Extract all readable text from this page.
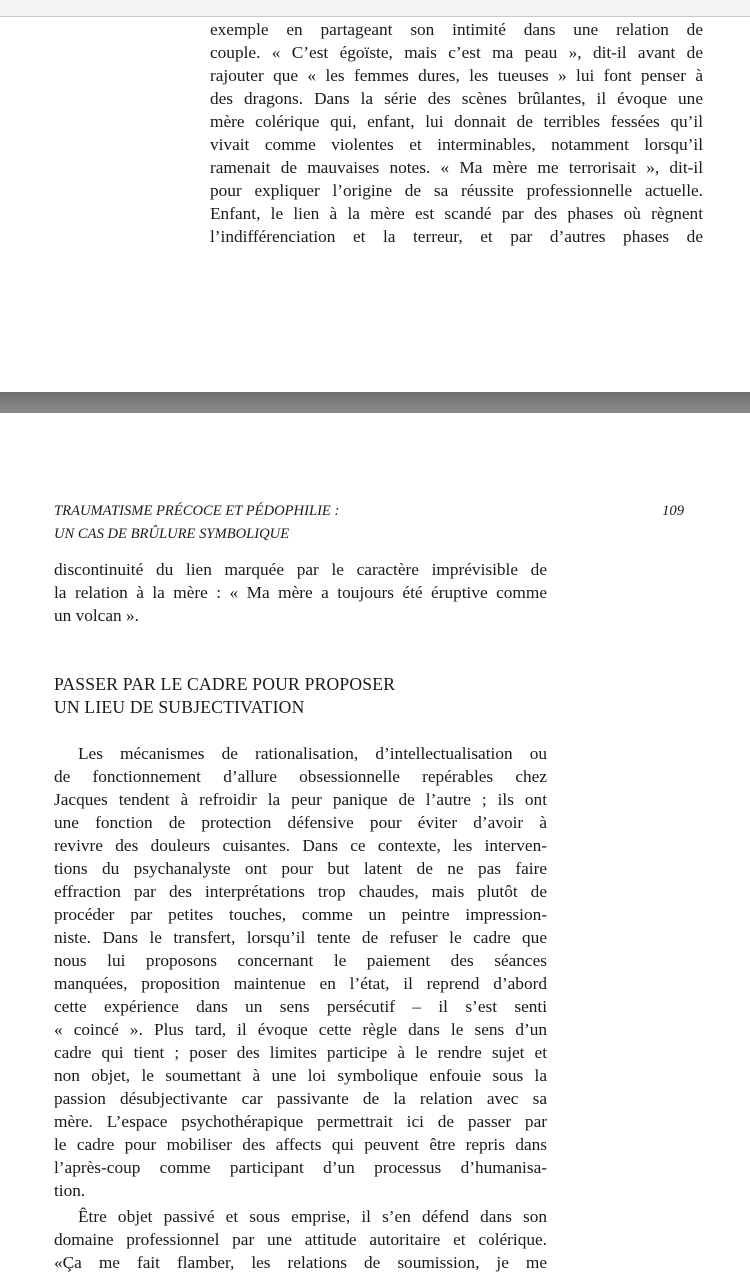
exemple en partageant son intimité dans une relation de
couple. « C’est égoïste, mais c’est ma peau », dit-il avant de
rajouter que « les femmes dures, les tueuses » lui font penser à
des dragons. Dans la série des scènes brûlantes, il évoque une
mère colérique qui, enfant, lui donnait de terribles fessées qu’il
vivait comme violentes et interminables, notamment lorsqu’il
ramenait de mauvaises notes. « Ma mère me terrorisait », dit-il
pour expliquer l’origine de sa réussite professionnelle actuelle.
Enfant, le lien à la mère est scandé par des phases où règnent
l’indifférenciation et la terreur, et par d’autres phases de
TRAUMATISME PRÉCOCE ET PÉDOPHILIE :
UN CAS DE BRÛLURE SYMBOLIQUE
109
discontinuité du lien marquée par le caractère imprévisible de
la relation à la mère : « Ma mère a toujours été éruptive comme
un volcan ».
PASSER PAR LE CADRE POUR PROPOSER
UN LIEU DE SUBJECTIVATION
Les mécanismes de rationalisation, d’intellectualisation ou
de fonctionnement d’allure obsessionnelle repérables chez
Jacques tendent à refroidir la peur panique de l’autre ; ils ont
une fonction de protection défensive pour éviter d’avoir à
revivre des douleurs cuisantes. Dans ce contexte, les interven-
tions du psychanalyste ont pour but latent de ne pas faire
effraction par des interprétations trop chaudes, mais plutôt de
procéder par petites touches, comme un peintre impression-
niste. Dans le transfert, lorsqu’il tente de refuser le cadre que
nous lui proposons concernant le paiement des séances
manquées, proposition maintenue en l’état, il reprend d’abord
cette expérience dans un sens persécutif – il s’est senti
« coincé ». Plus tard, il évoque cette règle dans le sens d’un
cadre qui tient ; poser des limites participe à le rendre sujet et
non objet, le soumettant à une loi symbolique enfouie sous la
passion désubjectivante car passivante de la relation avec sa
mère. L’espace psychothérapique permettrait ici de passer par
le cadre pour mobiliser des affects qui peuvent être repris dans
l’après-coup comme participant d’un processus d’humanisa-
tion.
Être objet passivé et sous emprise, il s’en défend dans son
domaine professionnel par une attitude autoritaire et colérique.
«Ça me fait flamber, les relations de soumission, je me
